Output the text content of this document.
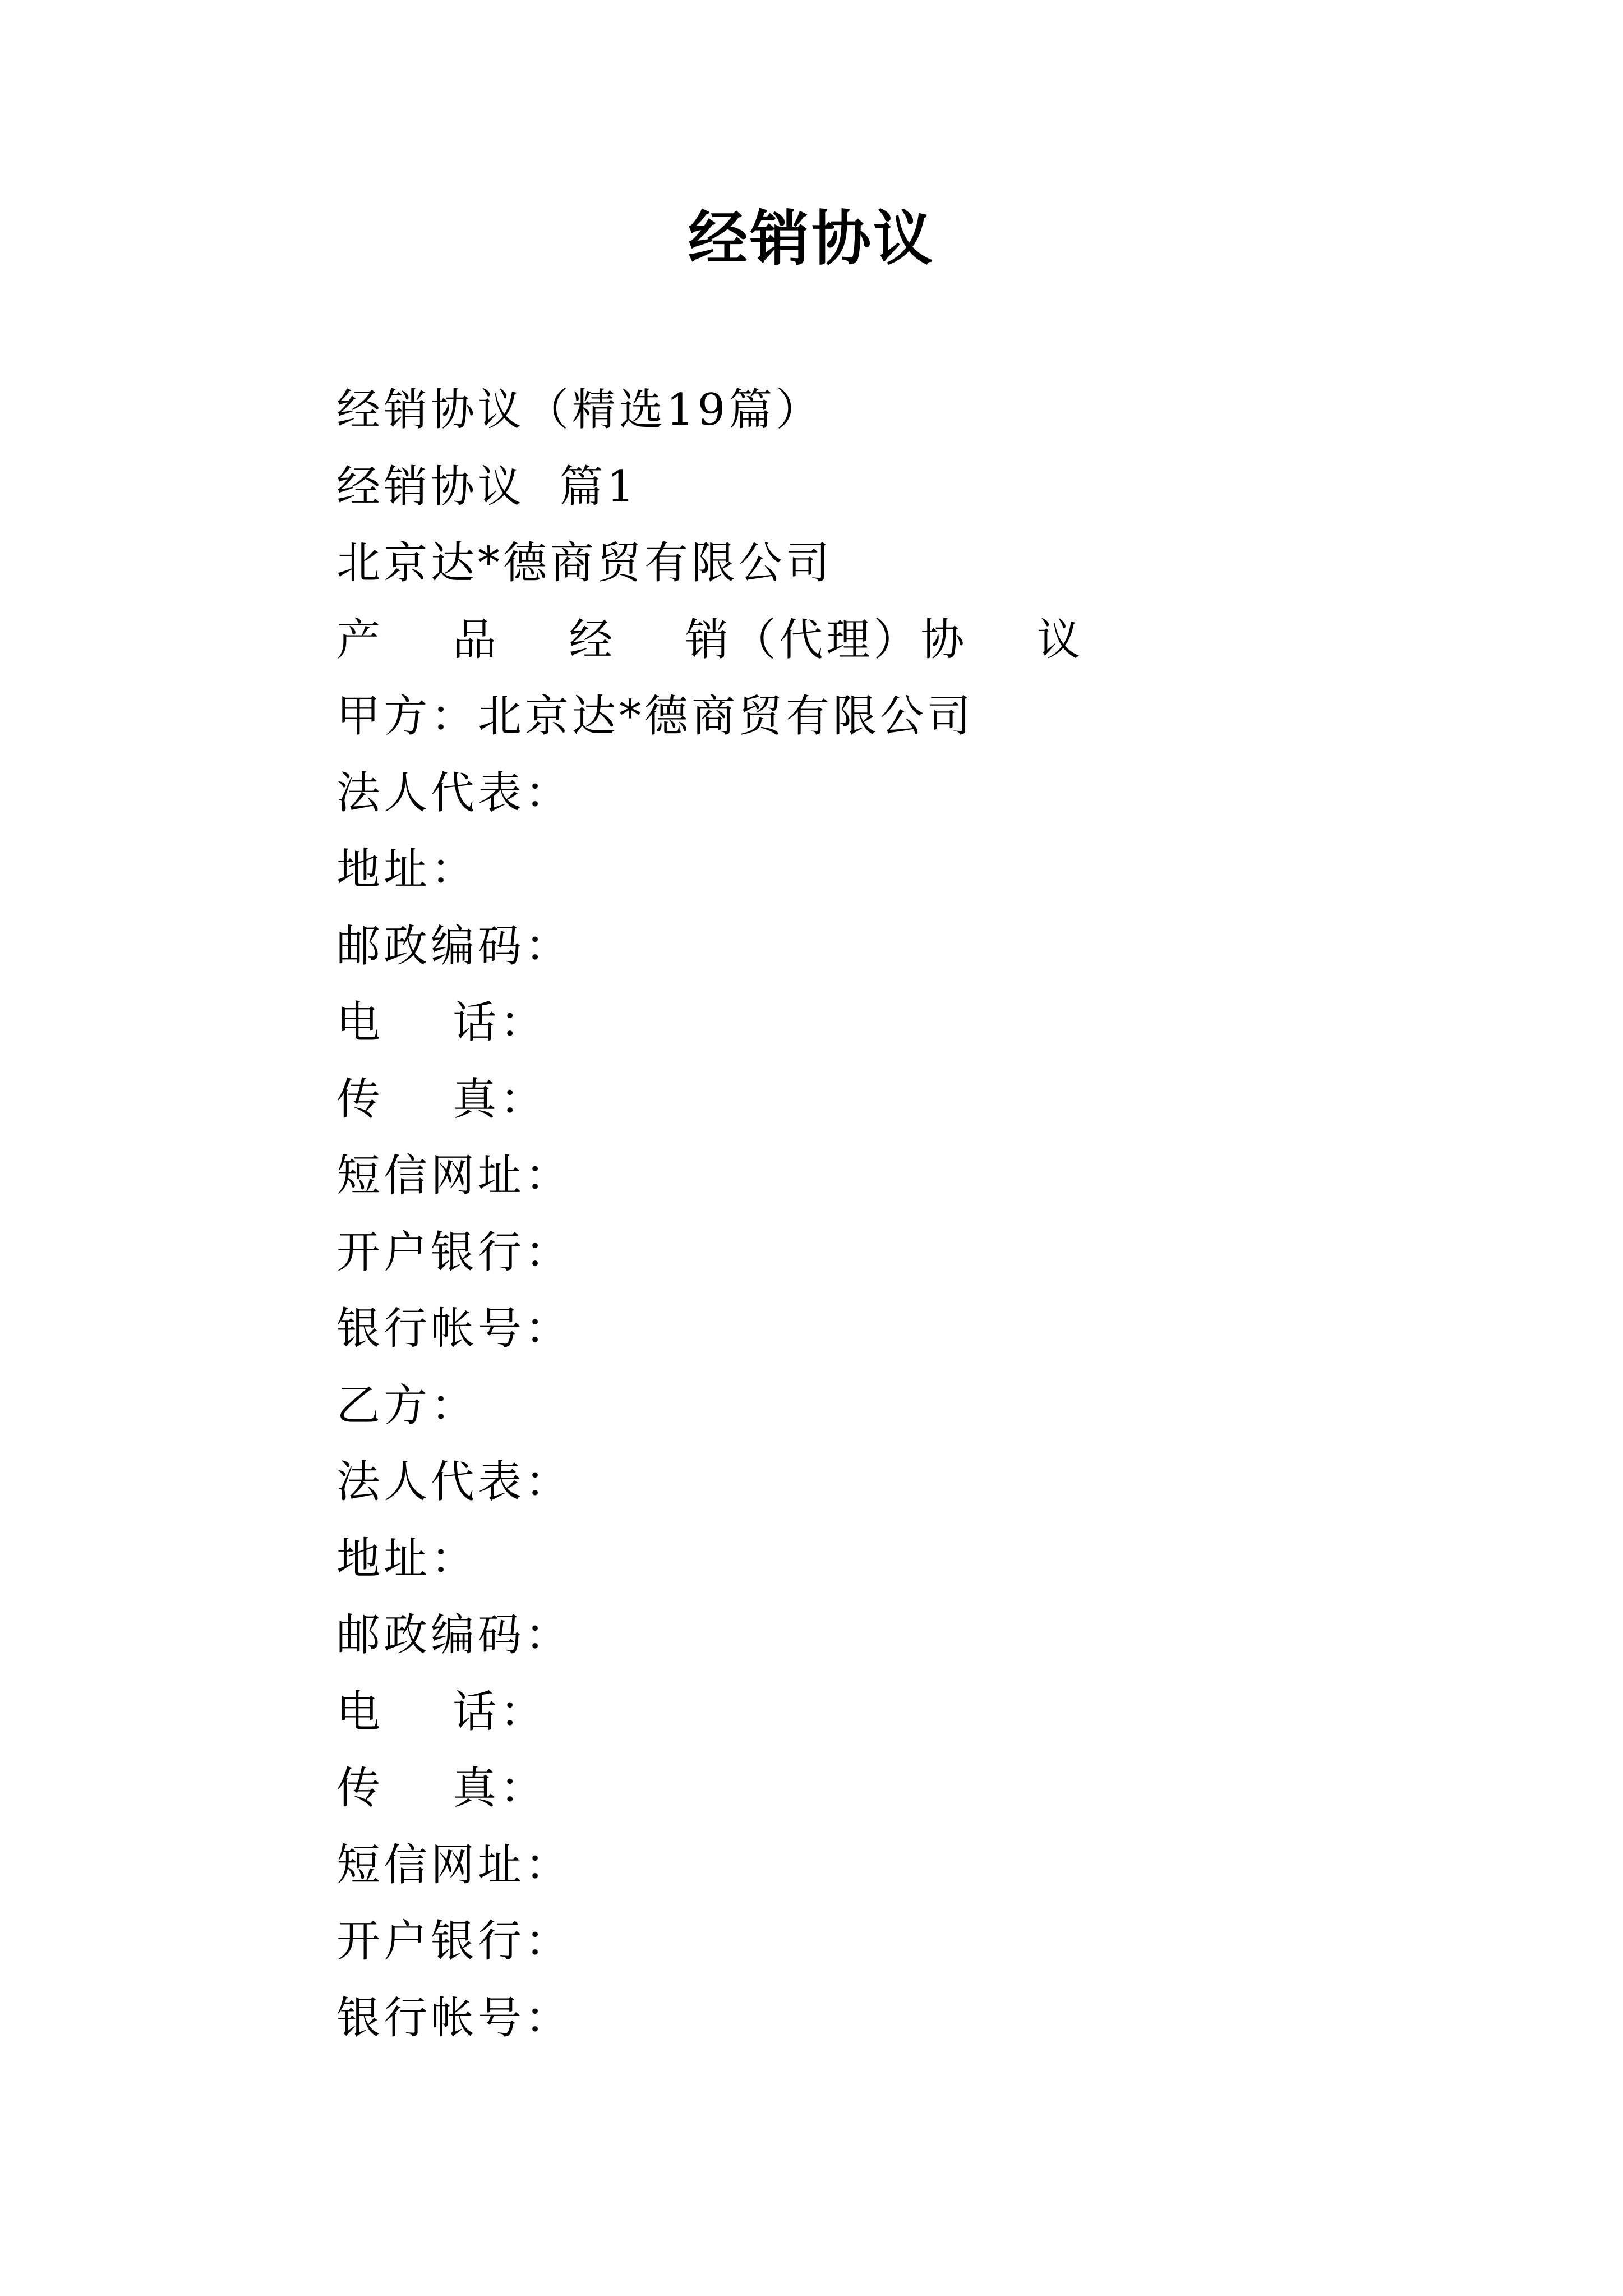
经销协议
经销协议（精选19篇）
经销协议  篇1
北京达*德商贸有限公司
产    品    经    销（代理）协    议
甲方：北京达*德商贸有限公司
法人代表：
地址：
邮政编码：
电    话：
传    真：
短信网址：
开户银行：
银行帐号：
乙方：
法人代表：
地址：
邮政编码：
电    话：
传    真：
短信网址：
开户银行：
银行帐号：
